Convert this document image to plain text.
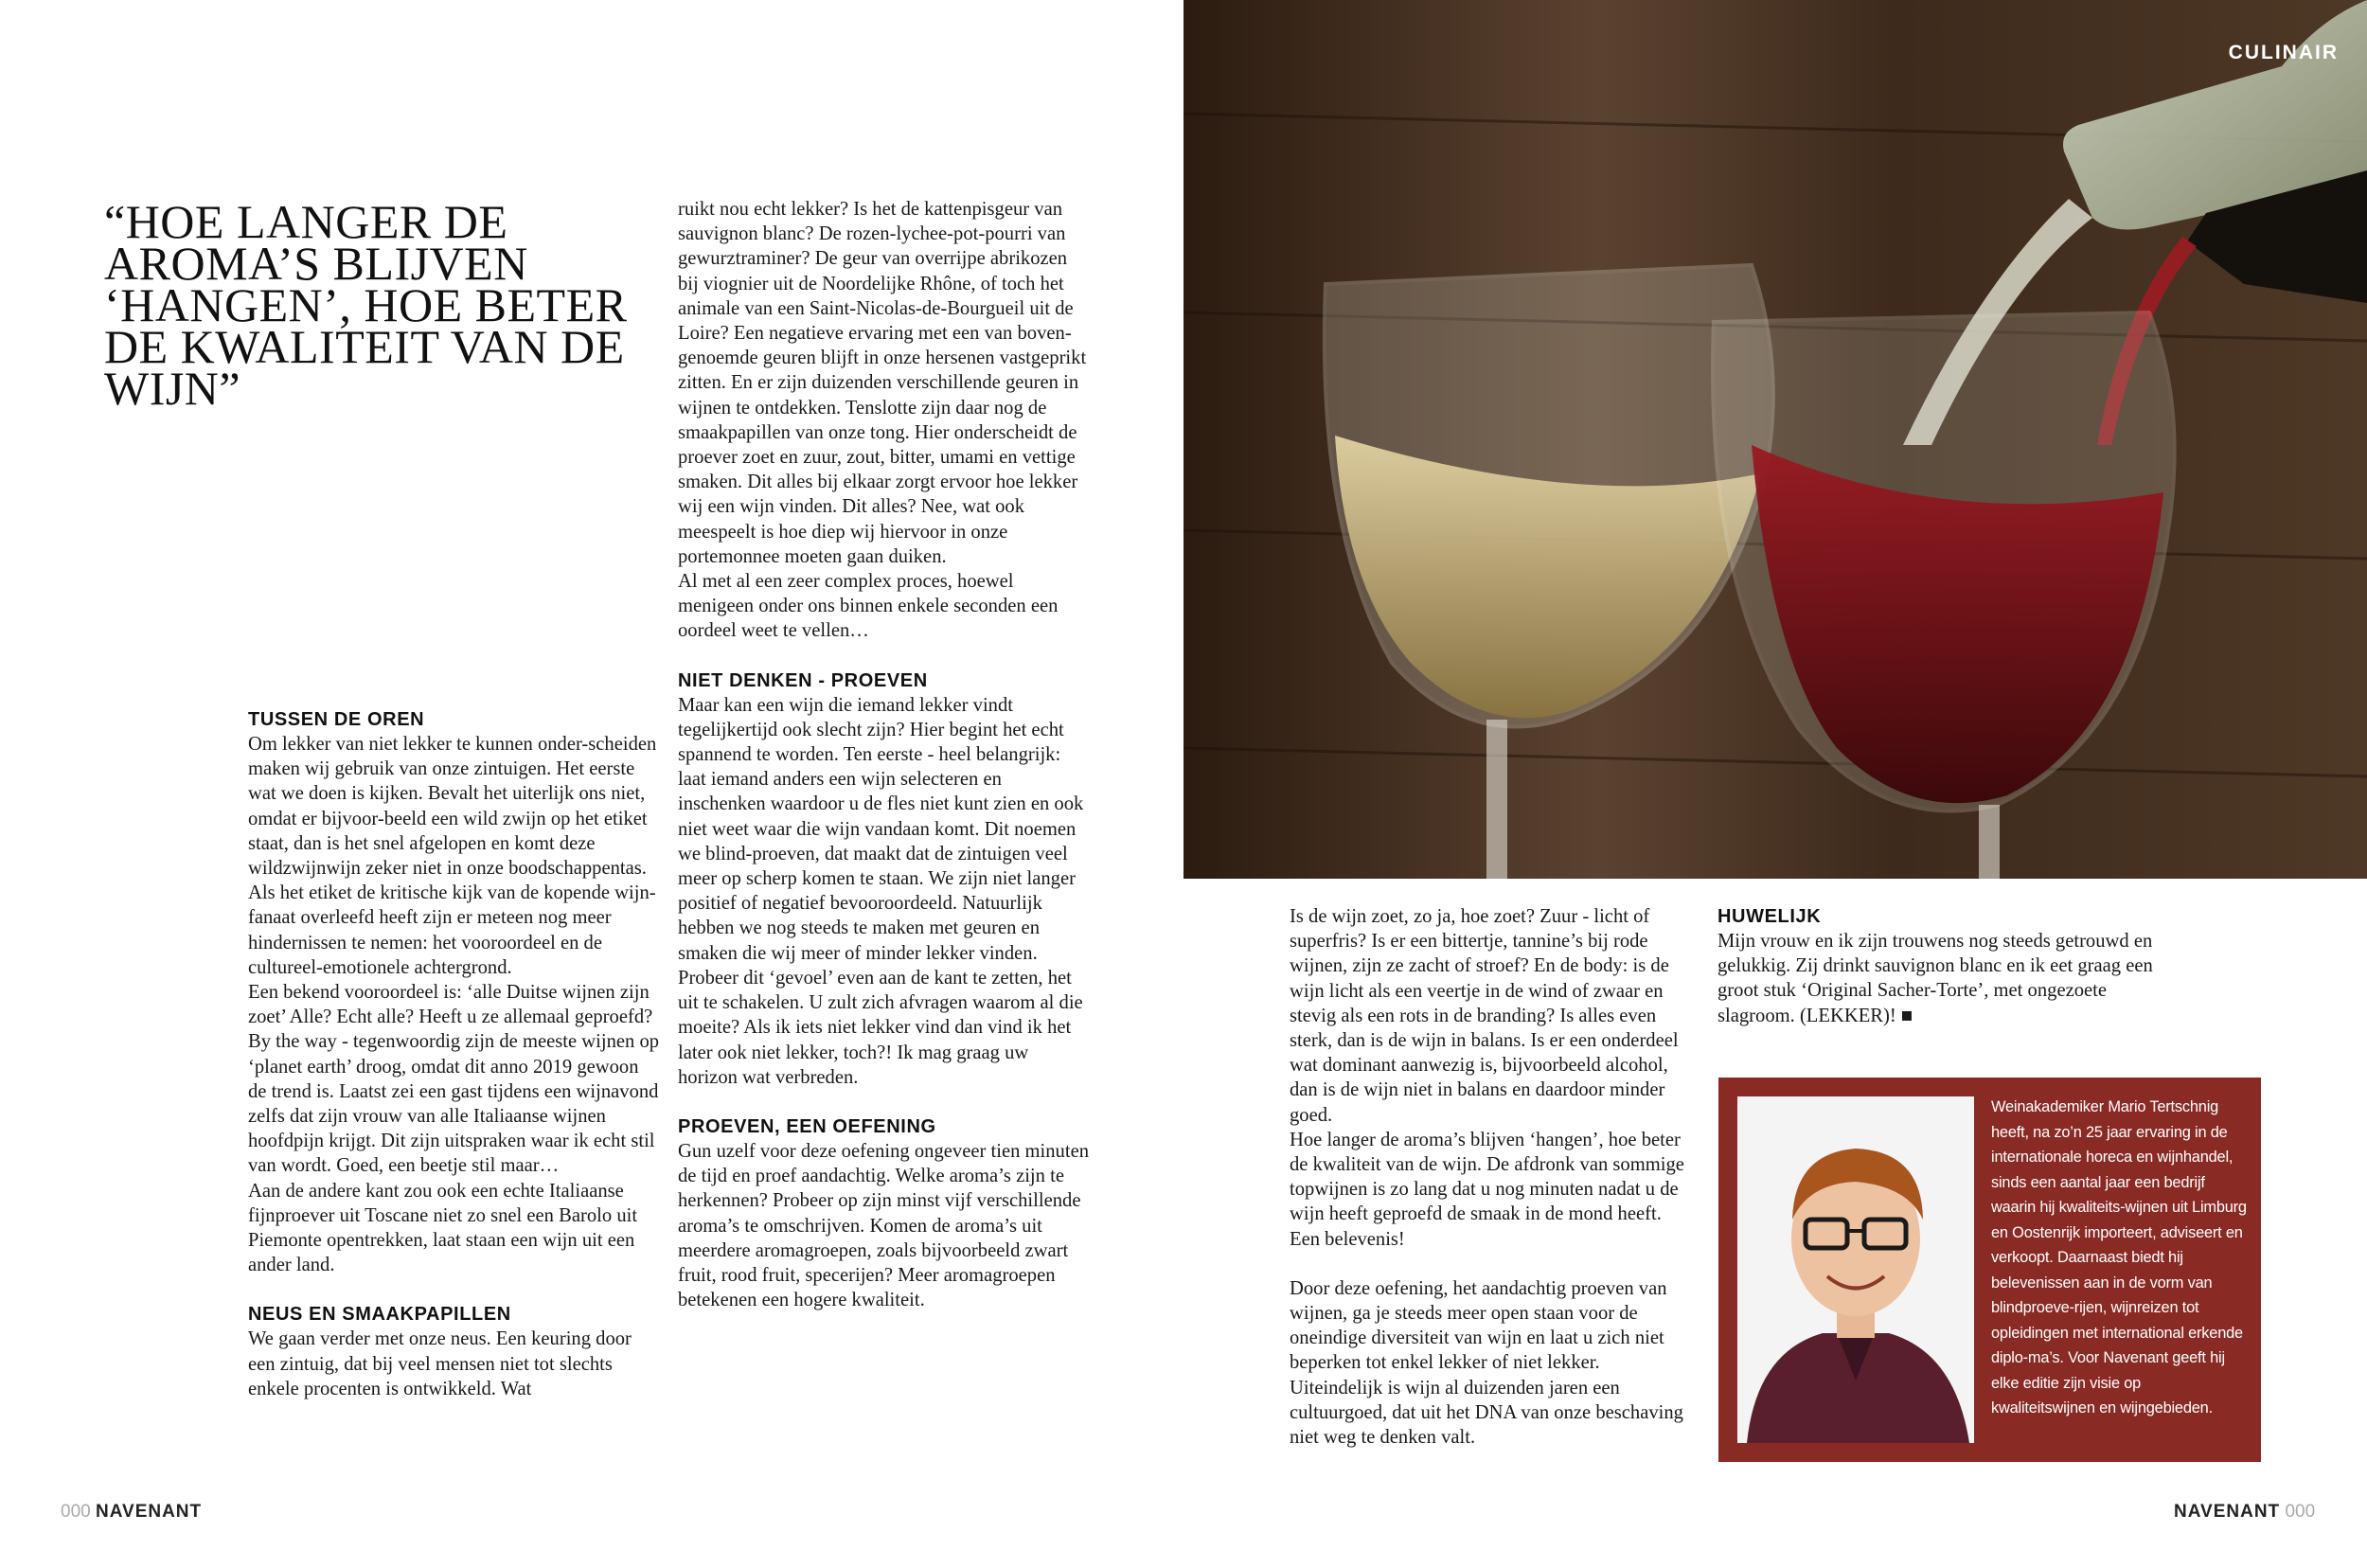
“HOE LANGER DE AROMA’S BLIJVEN ‘HANGEN’, HOE BETER DE KWALITEIT VAN DE WIJN”
TUSSEN DE OREN

Om lekker van niet lekker te kunnen onder-scheiden maken wij gebruik van onze zintuigen. Het eerste wat we doen is kijken. Bevalt het uiterlijk ons niet, omdat er bijvoor-beeld een wild zwijn op het etiket staat, dan is het snel afgelopen en komt deze wildzwijnwijn zeker niet in onze boodschappentas. Als het etiket de kritische kijk van de kopende wijn-fanaat overleefd heeft zijn er meteen nog meer hindernissen te nemen: het vooroordeel en de cultureel-emotionele achtergrond.

Een bekend vooroordeel is: ‘alle Duitse wijnen zijn zoet’ Alle? Echt alle? Heeft u ze allemaal geproefd? By the way - tegenwoordig zijn de meeste wijnen op ‘planet earth’ droog, omdat dit anno 2019 gewoon de trend is. Laatst zei een gast tijdens een wijnavond zelfs dat zijn vrouw van alle Italiaanse wijnen hoofdpijn krijgt. Dit zijn uitspraken waar ik echt stil van wordt. Goed, een beetje stil maar…

Aan de andere kant zou ook een echte Italiaanse fijnproever uit Toscane niet zo snel een Barolo uit Piemonte opentrekken, laat staan een wijn uit een ander land.

NEUS EN SMAAKPAPILLEN

We gaan verder met onze neus. Een keuring door een zintuig, dat bij veel mensen niet tot slechts enkele procenten is ontwikkeld. Wat

ruikt nou echt lekker? Is het de kattenpisgeur van sauvignon blanc? De rozen-lychee-pot-pourri van gewurztraminer? De geur van overrijpe abrikozen bij viognier uit de Noordelijke Rhône, of toch het animale van een Saint-Nicolas-de-Bourgueil uit de Loire? Een negatieve ervaring met een van boven-genoemde geuren blijft in onze hersenen vastgeprikt zitten. En er zijn duizenden verschillende geuren in wijnen te ontdekken. Tenslotte zijn daar nog de smaakpapillen van onze tong. Hier onderscheidt de proever zoet en zuur, zout, bitter, umami en vettige smaken. Dit alles bij elkaar zorgt ervoor hoe lekker wij een wijn vinden. Dit alles? Nee, wat ook meespeelt is hoe diep wij hiervoor in onze portemonnee moeten gaan duiken.

Al met al een zeer complex proces, hoewel menigeen onder ons binnen enkele seconden een oordeel weet te vellen…

NIET DENKEN - PROEVEN

Maar kan een wijn die iemand lekker vindt tegelijkertijd ook slecht zijn? Hier begint het echt spannend te worden. Ten eerste - heel belangrijk: laat iemand anders een wijn selecteren en inschenken waardoor u de fles niet kunt zien en ook niet weet waar die wijn vandaan komt. Dit noemen we blind-proeven, dat maakt dat de zintuigen veel meer op scherp komen te staan. We zijn niet langer positief of negatief bevooroordeeld. Natuurlijk hebben we nog steeds te maken met geuren en smaken die wij meer of minder lekker vinden. Probeer dit ‘gevoel’ even aan de kant te zetten, het uit te schakelen. U zult zich afvragen waarom al die moeite? Als ik iets niet lekker vind dan vind ik het later ook niet lekker, toch?! Ik mag graag uw horizon wat verbreden.

PROEVEN, EEN OEFENING

Gun uzelf voor deze oefening ongeveer tien minuten de tijd en proef aandachtig. Welke aroma’s zijn te herkennen? Probeer op zijn minst vijf verschillende aroma’s te omschrijven. Komen de aroma’s uit meerdere aromagroepen, zoals bijvoorbeeld zwart fruit, rood fruit, specerijen? Meer aromagroepen betekenen een hogere kwaliteit.

CULINAIR

Is de wijn zoet, zo ja, hoe zoet? Zuur - licht of superfris? Is er een bittertje, tannine’s bij rode wijnen, zijn ze zacht of stroef? En de body: is de wijn licht als een veertje in de wind of zwaar en stevig als een rots in de branding? Is alles even sterk, dan is de wijn in balans. Is er een onderdeel wat dominant aanwezig is, bijvoorbeeld alcohol, dan is de wijn niet in balans en daardoor minder goed.

Hoe langer de aroma’s blijven ‘hangen’, hoe beter de kwaliteit van de wijn. De afdronk van sommige topwijnen is zo lang dat u nog minuten nadat u de wijn heeft geproefd de smaak in de mond heeft. Een belevenis!

Door deze oefening, het aandachtig proeven van wijnen, ga je steeds meer open staan voor de oneindige diversiteit van wijn en laat u zich niet beperken tot enkel lekker of niet lekker. Uiteindelijk is wijn al duizenden jaren een cultuurgoed, dat uit het DNA van onze beschaving niet weg te denken valt.

HUWELIJK

Mijn vrouw en ik zijn trouwens nog steeds getrouwd en gelukkig. Zij drinkt sauvignon blanc en ik eet graag een groot stuk ‘Original Sacher-Torte’, met ongezoete slagroom. (LEKKER)! ■

Weinakademiker Mario Tertschnig heeft, na zo’n 25 jaar ervaring in de internationale horeca en wijnhandel, sinds een aantal jaar een bedrijf waarin hij kwaliteits-wijnen uit Limburg en Oostenrijk importeert, adviseert en verkoopt. Daarnaast biedt hij belevenissen aan in de vorm van blindproeve-rijen, wijnreizen tot opleidingen met international erkende diplo-ma’s. Voor Navenant geeft hij elke editie zijn visie op kwaliteitswijnen en wijngebieden.
000 NAVENANT	NAVENANT 000
